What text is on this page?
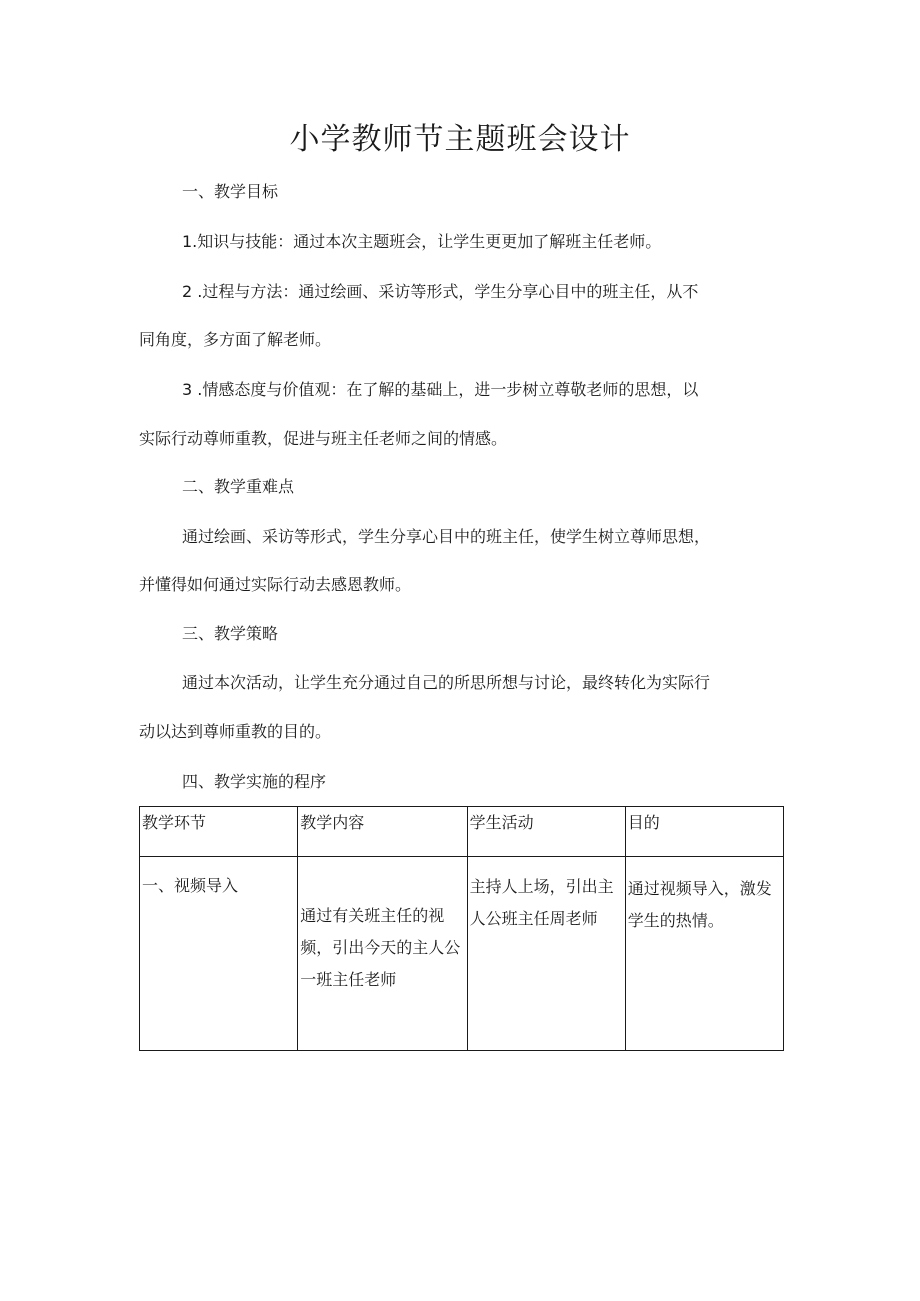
小学教师节主题班会设计

一、教学目标

1.知识与技能：通过本次主题班会，让学生更更加了解班主任老师。

2 .过程与方法：通过绘画、采访等形式，学生分享心目中的班主任，从不

同角度，多方面了解老师。

3 .情感态度与价值观：在了解的基础上，进一步树立尊敬老师的思想，以

实际行动尊师重教，促进与班主任老师之间的情感。

二、教学重难点

通过绘画、采访等形式，学生分享心目中的班主任，使学生树立尊师思想，

并懂得如何通过实际行动去感恩教师。

三、教学策略

通过本次活动，让学生充分通过自己的所思所想与讨论，最终转化为实际行

动以达到尊师重教的目的。

四、教学实施的程序

教学环节	教学内容	学生活动	目的
一、视频导入	通过有关班主任的视频，引出今天的主人公一班主任老师	主持人上场，引出主人公班主任周老师	通过视频导入，激发学生的热情。
